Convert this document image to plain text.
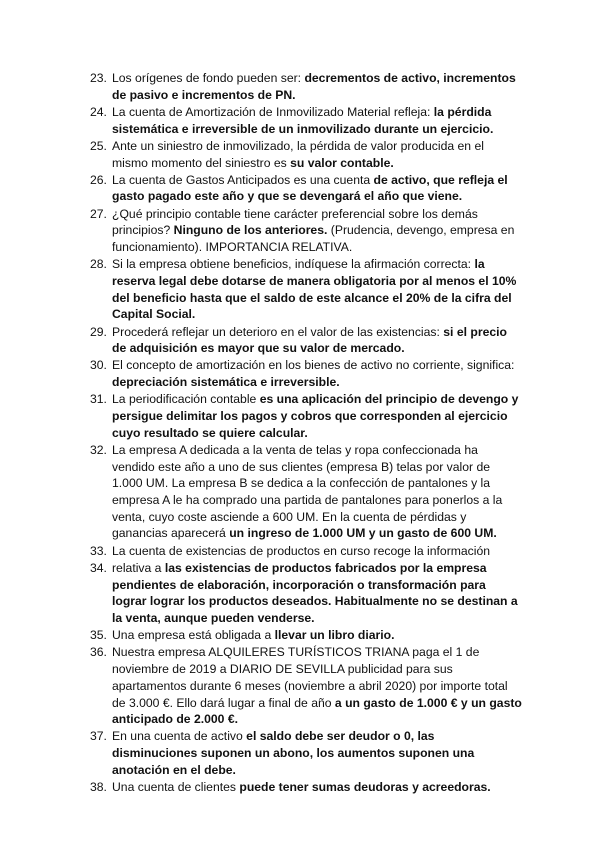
23. Los orígenes de fondo pueden ser: decrementos de activo, incrementos de pasivo e incrementos de PN.
24. La cuenta de Amortización de Inmovilizado Material refleja: la pérdida sistemática e irreversible de un inmovilizado durante un ejercicio.
25. Ante un siniestro de inmovilizado, la pérdida de valor producida en el mismo momento del siniestro es su valor contable.
26. La cuenta de Gastos Anticipados es una cuenta de activo, que refleja el gasto pagado este año y que se devengará el año que viene.
27. ¿Qué principio contable tiene carácter preferencial sobre los demás principios? Ninguno de los anteriores. (Prudencia, devengo, empresa en funcionamiento). IMPORTANCIA RELATIVA.
28. Si la empresa obtiene beneficios, indíquese la afirmación correcta: la reserva legal debe dotarse de manera obligatoria por al menos el 10% del beneficio hasta que el saldo de este alcance el 20% de la cifra del Capital Social.
29. Procederá reflejar un deterioro en el valor de las existencias: si el precio de adquisición es mayor que su valor de mercado.
30. El concepto de amortización en los bienes de activo no corriente, significa: depreciación sistemática e irreversible.
31. La periodificación contable es una aplicación del principio de devengo y persigue delimitar los pagos y cobros que corresponden al ejercicio cuyo resultado se quiere calcular.
32. La empresa A dedicada a la venta de telas y ropa confeccionada ha vendido este año a uno de sus clientes (empresa B) telas por valor de 1.000 UM. La empresa B se dedica a la confección de pantalones y la empresa A le ha comprado una partida de pantalones para ponerlos a la venta, cuyo coste asciende a 600 UM. En la cuenta de pérdidas y ganancias aparecerá un ingreso de 1.000 UM y un gasto de 600 UM.
33. La cuenta de existencias de productos en curso recoge la información
34. relativa a las existencias de productos fabricados por la empresa pendientes de elaboración, incorporación o transformación para lograr lograr los productos deseados. Habitualmente no se destinan a la venta, aunque pueden venderse.
35. Una empresa está obligada a llevar un libro diario.
36. Nuestra empresa ALQUILERES TURÍSTICOS TRIANA paga el 1 de noviembre de 2019 a DIARIO DE SEVILLA publicidad para sus apartamentos durante 6 meses (noviembre a abril 2020) por importe total de 3.000 €. Ello dará lugar a final de año a un gasto de 1.000 € y un gasto anticipado de 2.000 €.
37. En una cuenta de activo el saldo debe ser deudor o 0, las disminuciones suponen un abono, los aumentos suponen una anotación en el debe.
38. Una cuenta de clientes puede tener sumas deudoras y acreedoras.
